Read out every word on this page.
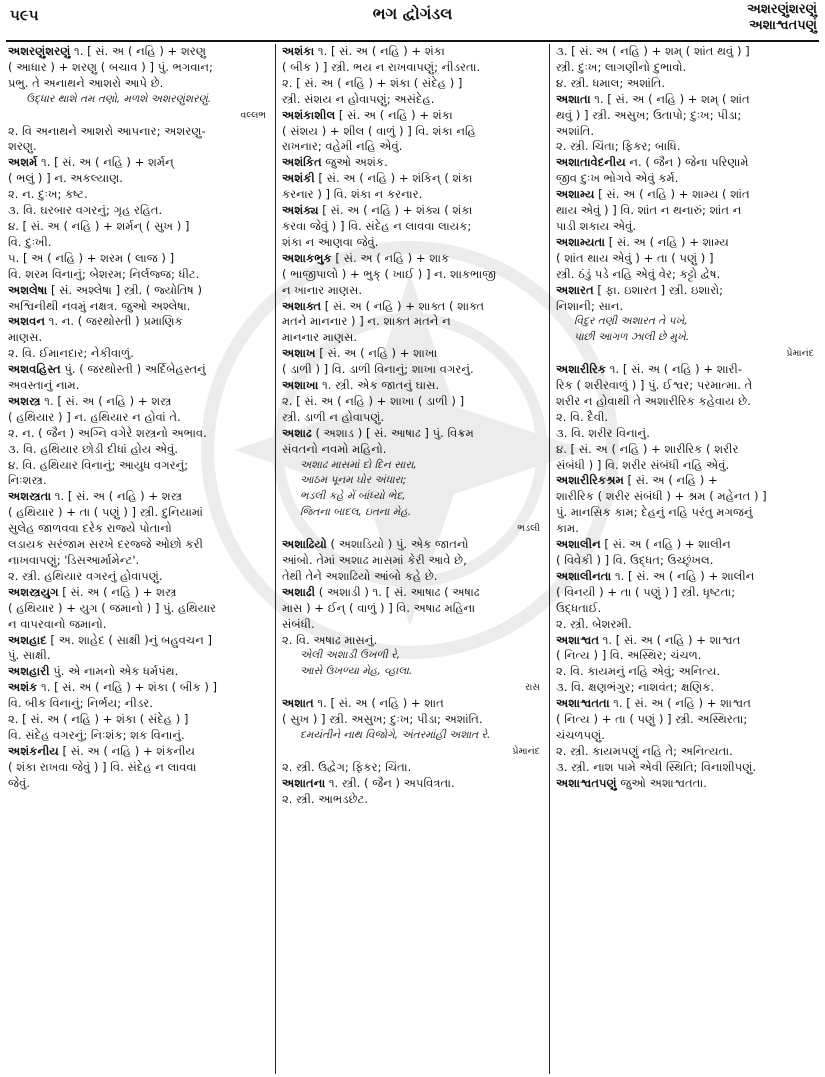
૫૯૫	ભગ દ્વોગંડલ	અશરણુંશરણું
અશાશ્વતપણું
અશરણુંશરણું ૧. [ સં. અ ( નહિ ) + શરણુ
( આધાર ) + શરણુ ( બચાવ ) ] પું. ભગવાન;
પ્રભુ. તે અનાથને આશરો આપે છે.
ઉદ્ધાર થાશે તમ તણો, મળશે અશરણુંશરણું.
વલ્લભ
૨. વિ અનાથને આશરો આપનાર; અશરણુ-
શરણુ.
અશર્મ ૧. [ સં. અ ( નહિ ) + શર્મન્
( ભલું ) ] ન. અકલ્યાણ.
૨. ન. દુઃખ; કષ્ટ.
૩. વિ. ઘરબાર વગરનું; ગૃહ રહિત.
૪. [ સં. અ ( નહિ ) + શર્મન્ ( સુખ ) ]
વિ. દુઃખી.
૫. [ અ ( નહિ ) + શરમ ( લાજ ) ]
વિ. શરમ વિનાનું; બેશરમ; નિર્લજ્જ; ધીટ.
અશલેષા [ સં. અશ્લેષા ] સ્ત્રી. ( જ્યોતિષ )
અશ્વિનીથી નવમું નક્ષત્ર. જુઓ અશ્લેષા.
અશવન ૧. ન. ( જરથોસ્તી ) પ્રમાણિક
માણસ.
૨. વિ. ઈમાનદાર; નેકીવાળું.
અશવહિસ્ત પું. ( જરથોસ્તી ) અર્દિબેહસ્તનું
અવસ્તાનું નામ.
અશસ્ત્ર ૧. [ સં. અ ( નહિ ) + શસ્ત્ર
( હથિયાર ) ] ન. હથિયાર ન હોવાં તે.
૨. ન. ( જૈન ) અગ્નિ વગેરે શસ્ત્રનો અભાવ.
૩. વિ. હથિયાર છોડી દીધાં હોય એવું.
૪. વિ. હથિયાર વિનાનું; આયુધ વગરનું;
નિઃશસ્ત્ર.
અશસ્ત્રતા ૧. [ સં. અ ( નહિ ) + શસ્ત્ર
( હથિયાર ) + તા ( પણું ) ] સ્ત્રી. દુનિયામાં
સુલેહ જાળવવા દરેક રાજ્યે પોતાનો
લડાયક સરંજામ સરખે દરજ્જે ઓછો કરી
નાખવાપણું; 'ડિસઆર્મામેન્ટ'.
૨. સ્ત્રી. હથિયાર વગરનું હોવાપણું.
અશસ્ત્રયુગ [ સં. અ ( નહિ ) + શસ્ત્ર
( હથિયાર ) + યુગ ( જમાનો ) ] પું. હથિયાર
ન વાપરવાનો જમાનો.
અશહાદ [ અ. શાહેદ ( સાક્ષી )નું બહુવચન ]
પું. સાક્ષી.
અશહારી પું. એ નામનો એક ધર્મપંથ.
અશંક ૧. [ સં. અ ( નહિ ) + શંકા ( બીક ) ]
વિ. બીક વિનાનું; નિર્ભય; નીડર.
૨. [ સં. અ ( નહિ ) + શંકા ( સંદેહ ) ]
વિ. સંદેહ વગરનું; નિઃશંક; શક વિનાનું.
અશંકનીય [ સં. અ ( નહિ ) + શંકનીય
( શંકા રાખવા જેવું ) ] વિ. સંદેહ ન લાવવા
જેવું.
અશંકા ૧. [ સં. અ ( નહિ ) + શંકા
( બીક ) ] સ્ત્રી. ભય ન રાખવાપણું; નીડરતા.
૨. [ સં. અ ( નહિ ) + શંકા ( સંદેહ ) ]
સ્ત્રી. સંશય ન હોવાપણું; અસંદેહ.
અશંકાશીલ [ સં. અ ( નહિ ) + શંકા
( સંશય ) + શીલ ( વાળું ) ] વિ. શંકા નહિ
રાખનાર; વહેમી નહિ એવું.
અશંકિત જુઓ અશંક.
અશંકી [ સં. અ ( નહિ ) + શંકિન્ ( શંકા
કરનાર ) ] વિ. શંકા ન કરનાર.
અશંક્ય [ સં. અ ( નહિ ) + શંક્ય ( શંકા
કરવા જેવું ) ] વિ. સંદેહ ન લાવવા લાયક;
શંકા ન આણવા જેવું.
અશાકભુક [ સં. અ ( નહિ ) + શાક
( ભાજીપાલો ) + ભુક્ ( ખાઈ ) ] ન. શાકભાજી
ન ખાનાર માણસ.
અશાક્ત [ સં. અ ( નહિ ) + શાક્ત ( શાક્ત
મતને માનનાર ) ] ન. શાક્ત મતને ન
માનનાર માણસ.
અશાખ [ સં. અ ( નહિ ) + શાખા
( ડાળી ) ] વિ. ડાળી વિનાનું; શાખા વગરનું.
અશાખા ૧. સ્ત્રી. એક જાતનું ઘાસ.
૨. [ સં. અ ( નહિ ) + શાખા ( ડાળી ) ]
સ્ત્રી. ડાળી ન હોવાપણું.
અશાઢ ( અશાડ ) [ સં. આષાઢ ] પું. વિક્રમ
સંવતનો નવમો મહિનો.
અશાઢ માસમાં દો દિન સારા,
આઠમ પૂનમ ઘોર અંધારા;
ભડલી કહે મેં બાંધ્યો ભેદ,
જિતના બાદલ, ઇતના મેહ.
ભડલી
અશાઢિયો ( અશાડિયો ) પું. એક જાતનો
આંબો. તેમાં અશાઢ માસમાં કેરી આવે છે,
તેથી તેને અશાઢિયો આંબો કહે છે.
અશાઢી ( અશાડી ) ૧. [ સં. આષાઢ ( અષાઢ
માસ ) + ઈન્ ( વાળું ) ] વિ. અષાઢ મહિના
સંબંધી.
૨. વિ. અષાઢ માસનું.
એલી અશાડી ઉખળી રે,
આસે ઉખળ્યા મેહ, વ્હાલા.
રાસ
અશાત ૧. [ સં. અ ( નહિ ) + શાત
( સુખ ) ] સ્ત્રી. અસુખ; દુઃખ; પીડા; અશાંતિ.
દમયંતીને નાથ વિજોગે, અંતરમાંહી અશાત રે.
પ્રેમાનંદ
૨. સ્ત્રી. ઉદ્વેગ; ફિકર; ચિંતા.
અશાતના ૧. સ્ત્રી. ( જૈન ) અપવિત્રતા.
૨. સ્ત્રી. આભડછેટ.
૩. [ સં. અ ( નહિ ) + શમ્ ( શાંત થવું ) ]
સ્ત્રી. દુઃખ; લાગણીનો દુભાવો.
૪. સ્ત્રી. ધમાલ; અશાંતિ.
અશાતા ૧. [ સં. અ ( નહિ ) + શમ્ ( શાંત
થવું ) ] સ્ત્રી. અસુખ; ઉતાપો; દુઃખ; પીડા;
અશાંતિ.
૨. સ્ત્રી. ચિંતા; ફિકર; બાધિ.
અશાતાવેદનીય ન. ( જૈન ) જેના પરિણામે
જીવ દુઃખ ભોગવે એવું કર્મ.
અશામ્ય [ સં. અ ( નહિ ) + શામ્ય ( શાંત
થાય એવું ) ] વિ. શાંત ન થનારું; શાંત ન
પાડી શકાય એવું.
અશામ્યતા [ સં. અ ( નહિ ) + શામ્ય
( શાંત થાય એવું ) + તા ( પણું ) ]
સ્ત્રી. ઠંડું પડે નહિ એવું વેર; કટ્ટો દ્વેષ.
અશારત [ ફા. ઇશારત ] સ્ત્રી. ઇશારો;
નિશાની; સાન.
વિદુર તણી અશારત તે પખે,
પાછી આગળ ઝાલી છે મુખે.
પ્રેમાનંદ
અશારીરિક ૧. [ સં. અ ( નહિ ) + શારી-
રિક ( શરીરવાળું ) ] પું. ઈશ્વર; પરમાત્મા. તે
શરીર ન હોવાથી તે અશારીરિક કહેવાય છે.
૨. વિ. દૈવી.
૩. વિ. શરીર વિનાનું.
૪. [ સં. અ ( નહિ ) + શારીરિક ( શરીર
સંબંધી ) ] વિ. શરીર સંબંધી નહિ એવું.
અશારીરિકશ્રમ [ સં. અ ( નહિ ) +
શારીરિક ( શરીર સંબંધી ) + શ્રમ ( મહેનત ) ]
પું. માનસિક કામ; દેહનું નહિ પરંતુ મગજનું
કામ.
અશાલીન [ સં. અ ( નહિ ) + શાલીન
( વિવેકી ) ] વિ. ઉદ્ધત; ઉચ્છૃંખલ.
અશાલીનતા ૧. [ સં. અ ( નહિ ) + શાલીન
( વિનયી ) + તા ( પણું ) ] સ્ત્રી. ધૃષ્ટતા;
ઉદ્ધતાઈ.
૨. સ્ત્રી. બેશરમી.
અશાશ્વત ૧. [ સં. અ ( નહિ ) + શાશ્વત
( નિત્ય ) ] વિ. અસ્થિર; ચંચળ.
૨. વિ. કાયમનું નહિ એવું; અનિત્ય.
૩. વિ. ક્ષણભંગુર; નાશવંત; ક્ષણિક.
અશાશ્વતતા ૧. [ સં. અ ( નહિ ) + શાશ્વત
( નિત્ય ) + તા ( પણું ) ] સ્ત્રી. અસ્થિરતા;
ચંચળપણું.
૨. સ્ત્રી. કાયમપણું નહિ તે; અનિત્યતા.
૩. સ્ત્રી. નાશ પામે એવી સ્થિતિ; વિનાશીપણું.
અશાશ્વતપણું જુઓ અશાશ્વતતા.
